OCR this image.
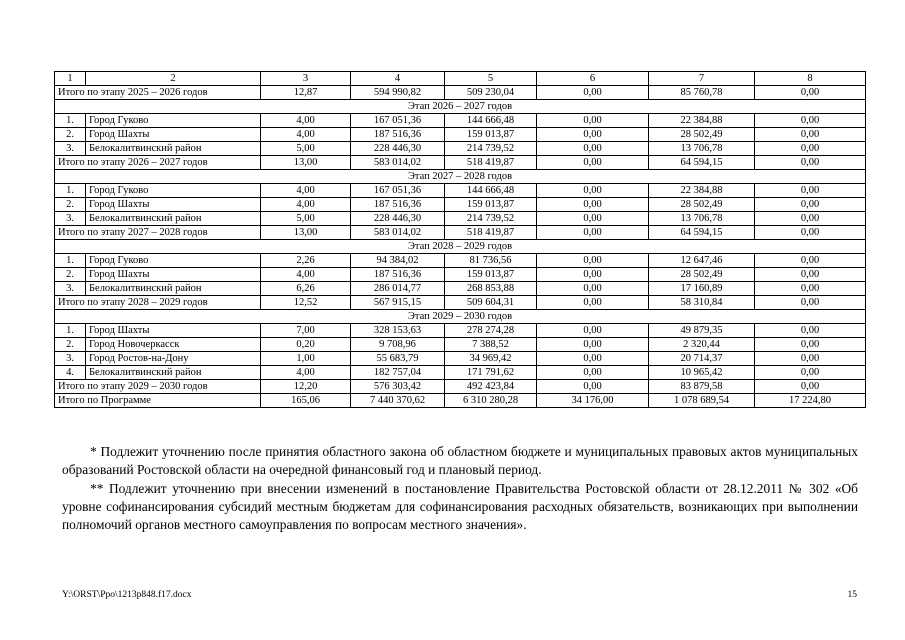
1	2	3	4	5	6	7	8
Итого по этапу 2025 – 2026 годов		12,87	594 990,82	509 230,04	0,00	85 760,78	0,00
Этап 2026 – 2027 годов							
1.	Город Гуково	4,00	167 051,36	144 666,48	0,00	22 384,88	0,00
2.	Город Шахты	4,00	187 516,36	159 013,87	0,00	28 502,49	0,00
3.	Белокалитвинский район	5,00	228 446,30	214 739,52	0,00	13 706,78	0,00
Итого по этапу 2026 – 2027 годов		13,00	583 014,02	518 419,87	0,00	64 594,15	0,00
Этап 2027 – 2028 годов							
1.	Город Гуково	4,00	167 051,36	144 666,48	0,00	22 384,88	0,00
2.	Город Шахты	4,00	187 516,36	159 013,87	0,00	28 502,49	0,00
3.	Белокалитвинский район	5,00	228 446,30	214 739,52	0,00	13 706,78	0,00
Итого по этапу 2027 – 2028 годов		13,00	583 014,02	518 419,87	0,00	64 594,15	0,00
Этап 2028 – 2029 годов							
1.	Город Гуково	2,26	94 384,02	81 736,56	0,00	12 647,46	0,00
2.	Город Шахты	4,00	187 516,36	159 013,87	0,00	28 502,49	0,00
3.	Белокалитвинский район	6,26	286 014,77	268 853,88	0,00	17 160,89	0,00
Итого по этапу 2028 – 2029 годов		12,52	567 915,15	509 604,31	0,00	58 310,84	0,00
Этап 2029 – 2030 годов							
1.	Город Шахты	7,00	328 153,63	278 274,28	0,00	49 879,35	0,00
2.	Город Новочеркасск	0,20	9 708,96	7 388,52	0,00	2 320,44	0,00
3.	Город Ростов-на-Дону	1,00	55 683,79	34 969,42	0,00	20 714,37	0,00
4.	Белокалитвинский район	4,00	182 757,04	171 791,62	0,00	10 965,42	0,00
Итого по этапу 2029 – 2030 годов		12,20	576 303,42	492 423,84	0,00	83 879,58	0,00
Итого по Программе		165,06	7 440 370,62	6 310 280,28	34 176,00	1 078 689,54	17 224,80

* Подлежит уточнению после принятия областного закона об областном бюджете и муниципальных правовых актов муниципальных образований Ростовской области на очередной финансовый год и плановый период.

** Подлежит уточнению при внесении изменений в постановление Правительства Ростовской области от 28.12.2011 № 302 «Об уровне софинансирования субсидий местным бюджетам для софинансирования расходных обязательств, возникающих при выполнении полномочий органов местного самоуправления по вопросам местного значения».

Y:\ORST\Ppo\1213p848.f17.docx	15
